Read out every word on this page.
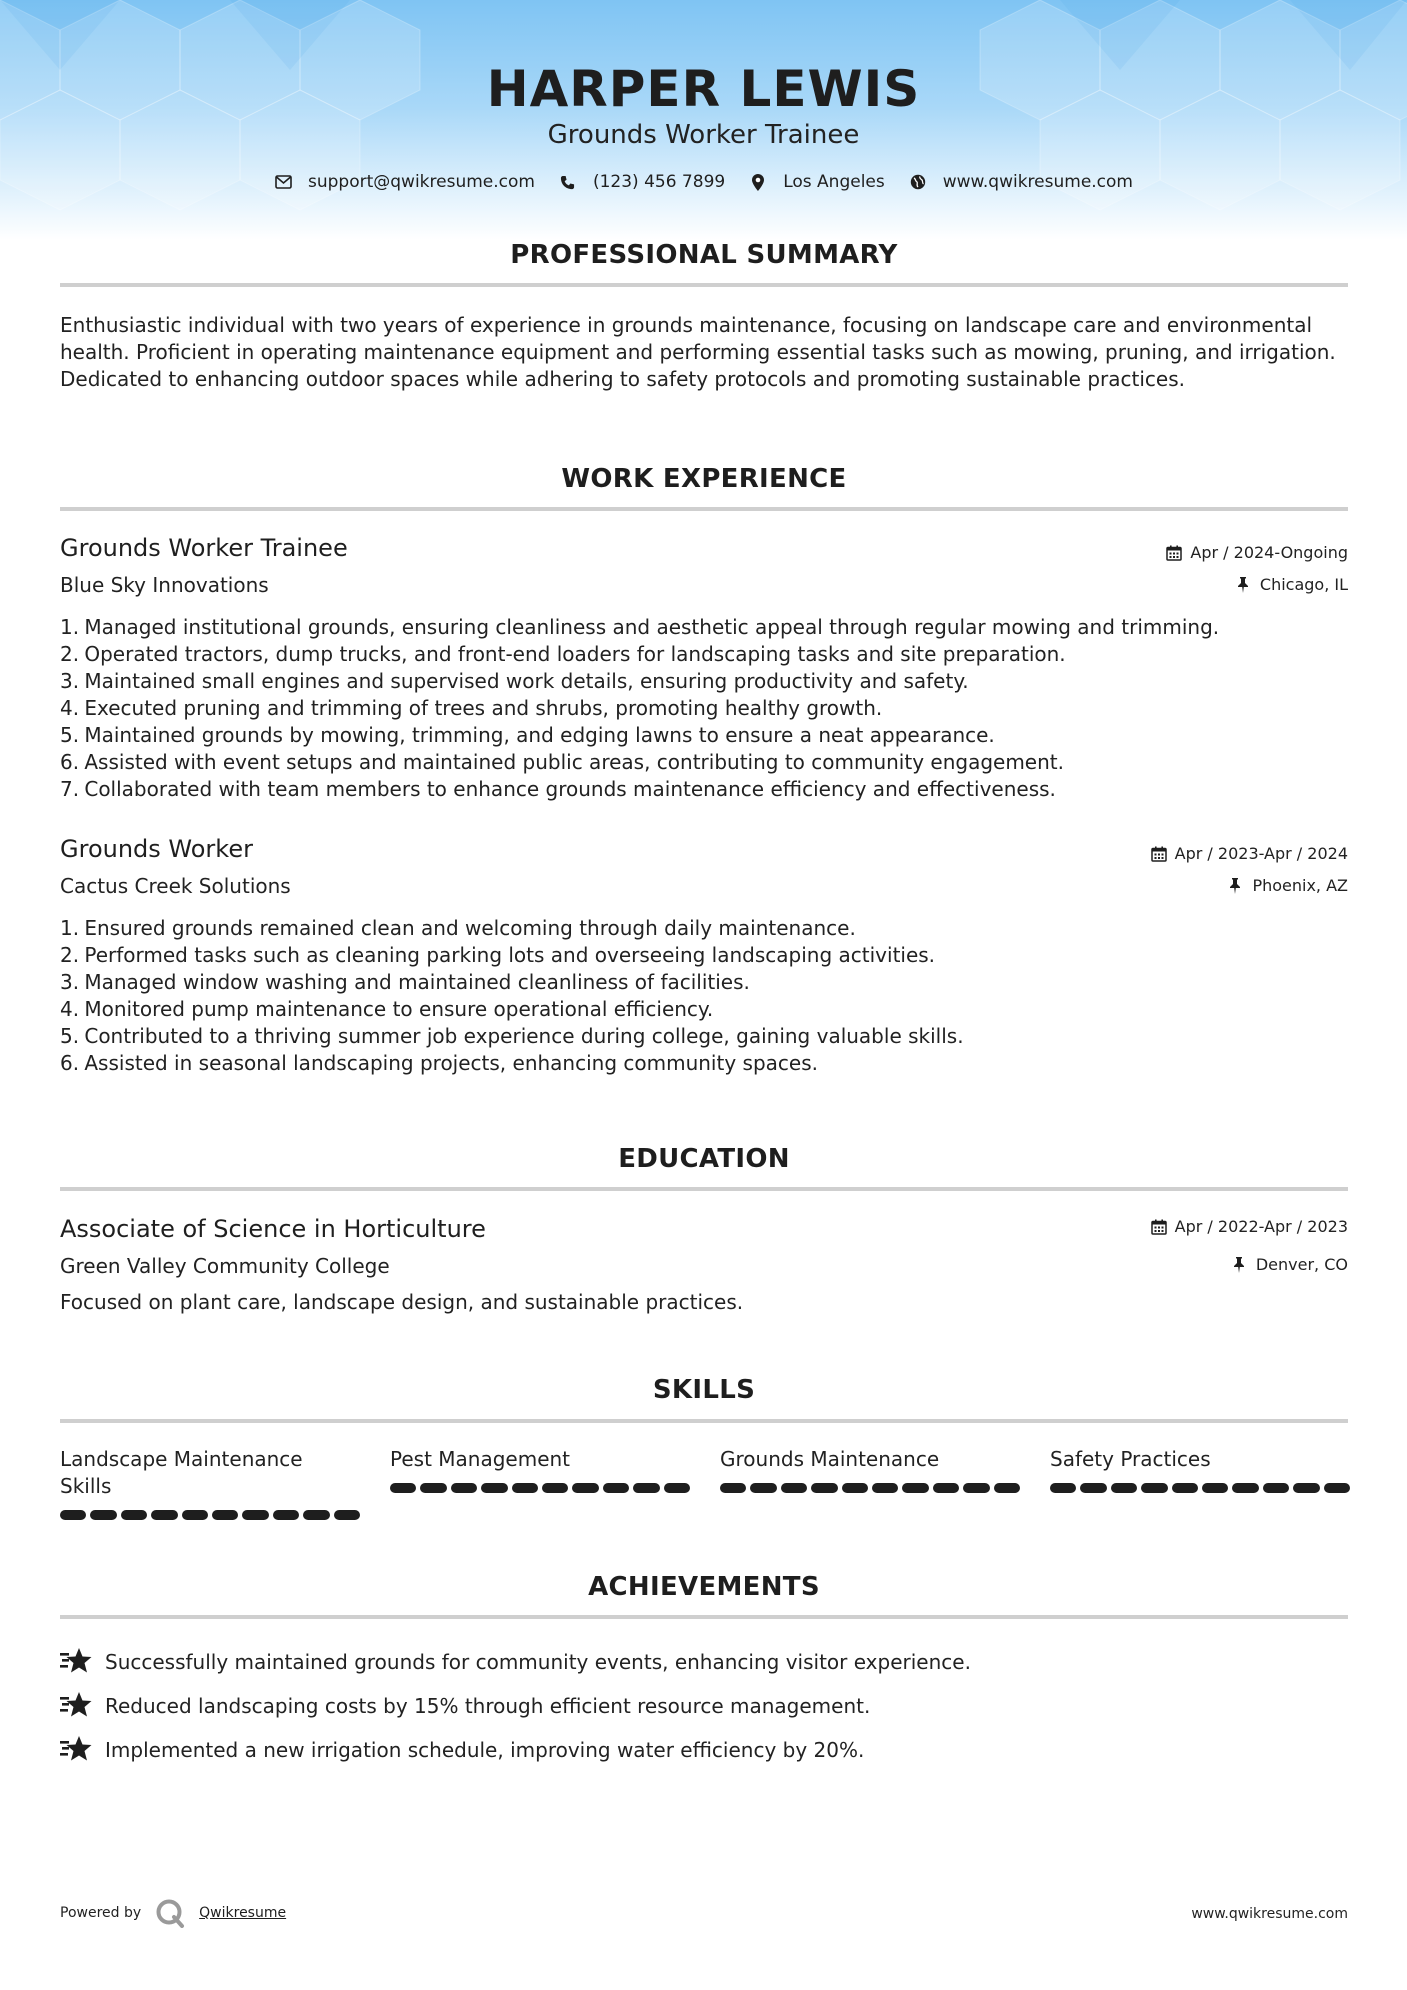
HARPER LEWIS
Grounds Worker Trainee
support@qwikresume.com	(123) 456 7899	Los Angeles	www.qwikresume.com
PROFESSIONAL SUMMARY
Enthusiastic individual with two years of experience in grounds maintenance, focusing on landscape care and environmental health. Proficient in operating maintenance equipment and performing essential tasks such as mowing, pruning, and irrigation. Dedicated to enhancing outdoor spaces while adhering to safety protocols and promoting sustainable practices.
WORK EXPERIENCE
Grounds Worker Trainee
Blue Sky Innovations
Apr / 2024-Ongoing
Chicago, IL
1.
Managed institutional grounds, ensuring cleanliness and aesthetic appeal through regular mowing and trimming.
2.
Operated tractors, dump trucks, and front-end loaders for landscaping tasks and site preparation.
3.
Maintained small engines and supervised work details, ensuring productivity and safety.
4.
Executed pruning and trimming of trees and shrubs, promoting healthy growth.
5.
Maintained grounds by mowing, trimming, and edging lawns to ensure a neat appearance.
6.
Assisted with event setups and maintained public areas, contributing to community engagement.
7.
Collaborated with team members to enhance grounds maintenance efficiency and effectiveness.
Grounds Worker
Cactus Creek Solutions
Apr / 2023-Apr / 2024
Phoenix, AZ
1.
Ensured grounds remained clean and welcoming through daily maintenance.
2.
Performed tasks such as cleaning parking lots and overseeing landscaping activities.
3.
Managed window washing and maintained cleanliness of facilities.
4.
Monitored pump maintenance to ensure operational efficiency.
5.
Contributed to a thriving summer job experience during college, gaining valuable skills.
6.
Assisted in seasonal landscaping projects, enhancing community spaces.
EDUCATION
Associate of Science in Horticulture
Green Valley Community College
Apr / 2022-Apr / 2023
Denver, CO
Focused on plant care, landscape design, and sustainable practices.
SKILLS
Landscape Maintenance Skills
Pest Management	Grounds Maintenance	Safety Practices
ACHIEVEMENTS
Successfully maintained grounds for community events, enhancing visitor experience.
Reduced landscaping costs by 15% through efficient resource management.
Implemented a new irrigation schedule, improving water efficiency by 20%.
Powered by	Qwikresume	www.qwikresume.com
